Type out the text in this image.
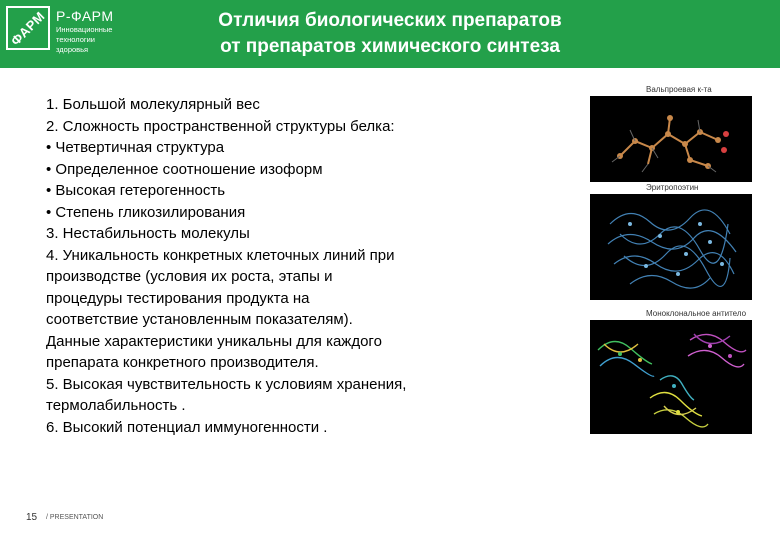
ФАРМ Р-ФАРМ
Инновационные
технологии
здоровья
Отличия биологических препаратов
от препаратов химического синтеза

1. Большой молекулярный вес

2. Сложность пространственной структуры белка:

• Четвертичная структура

• Определенное соотношение изоформ

• Высокая гетерогенность

• Степень гликозилирования

3. Нестабильность молекулы

4. Уникальность конкретных клеточных линий при

производстве (условия их роста, этапы и

процедуры тестирования продукта на

соответствие установленным показателям).

Данные характеристики уникальны для каждого

препарата конкретного производителя.

5. Высокая чувствительность к условиям хранения,

термолабильность .

6. Высокий потенциал иммуногенности .

Вальпроевая к-та
Эритропоэтин
Моноклональное антитело
15 / PRESENTATION
